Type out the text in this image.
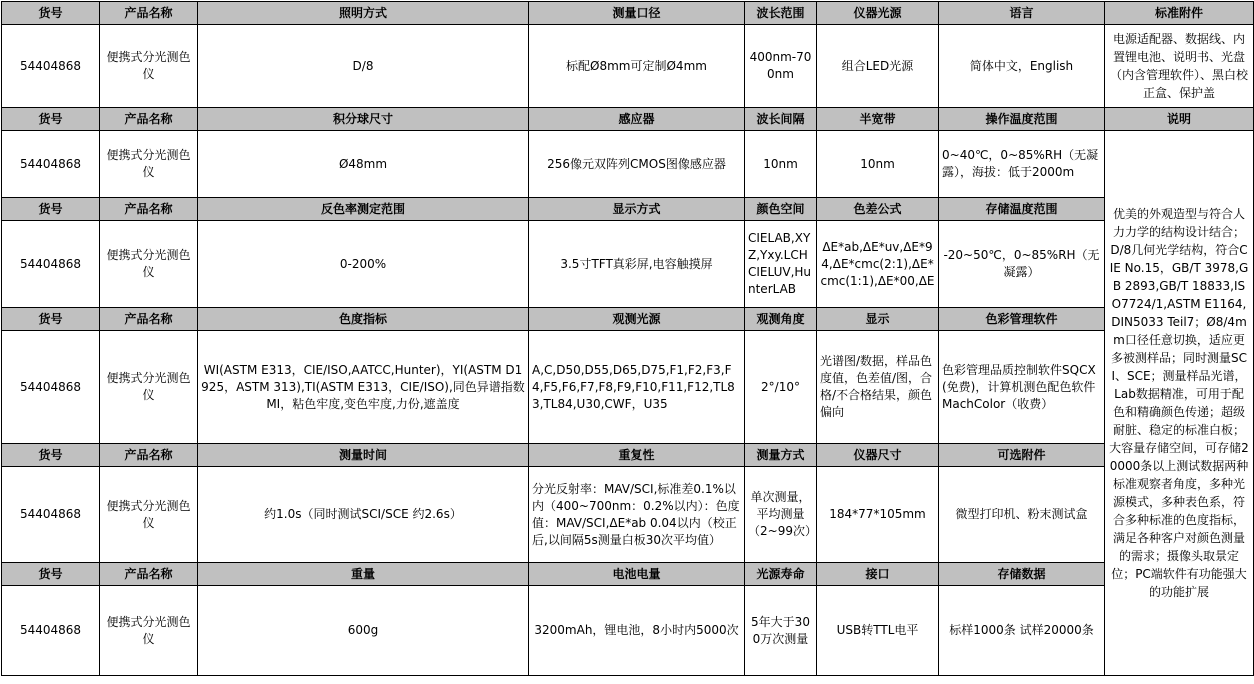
货号	产品名称	照明方式	测量口径	波长范围	仪器光源	语言	标准附件
54404868	便携式分光测色仪	D/8	标配Ø8mm可定制Ø4mm	400nm-700nm	组合LED光源	简体中文，English	电源适配器、数据线、内置锂电池、说明书、光盘（内含管理软件）、黑白校正盒、保护盖
货号	产品名称	积分球尺寸	感应器	波长间隔	半宽带	操作温度范围	说明
54404868	便携式分光测色仪	Ø48mm	256像元双阵列CMOS图像感应器	10nm	10nm	0~40℃，0~85%RH（无凝露），海拔：低于2000m	优美的外观造型与符合人力力学的结构设计结合；D/8几何光学结构，符合CIE No.15，GB/T 3978,GB 2893,GB/T 18833,ISO7724/1,ASTM E1164,DIN5033 Teil7；Ø8/4mm口径任意切换，适应更多被测样品；同时测量SCI、SCE；测量样品光谱，Lab数据精准，可用于配色和精确颜色传递；超级耐脏、稳定的标准白板；大容量存储空间，可存储20000条以上测试数据两种标准观察者角度，多种光源模式，多种表色系，符合多种标准的色度指标，满足各种客户对颜色测量的需求；摄像头取景定位；PC端软件有功能强大的功能扩展
货号	产品名称	反色率测定范围	显示方式	颜色空间	色差公式	存储温度范围	
54404868	便携式分光测色仪	0-200%	3.5寸TFT真彩屏,电容触摸屏	CIELAB,XYZ,Yxy.LCH CIELUV,HunterLAB	ΔE*ab,ΔE*uv,ΔE*94,ΔE*cmc(2:1),ΔE*cmc(1:1),ΔE*00,ΔE	-20~50℃，0~85%RH（无凝露）	
货号	产品名称	色度指标	观测光源	观测角度	显示	色彩管理软件	
54404868	便携式分光测色仪	WI(ASTM E313，CIE/ISO,AATCC,Hunter)，YI(ASTM D1925，ASTM 313),TI(ASTM E313，CIE/ISO),同色异谱指数MI，粘色牢度,变色牢度,力份,遮盖度	A,C,D50,D55,D65,D75,F1,F2,F3,F4,F5,F6,F7,F8,F9,F10,F11,F12,TL83,TL84,U30,CWF，U35	2°/10°	光谱图/数据，样品色度值，色差值/图，合格/不合格结果，颜色偏向	色彩管理品质控制软件SQCX(免费)，计算机测色配色软件MachColor（收费）	
货号	产品名称	测量时间	重复性	测量方式	仪器尺寸	可选附件	
54404868	便携式分光测色仪	约1.0s（同时测试SCI/SCE 约2.6s）	分光反射率：MAV/SCI,标准差0.1%以内（400~700nm：0.2%以内）：色度值：MAV/SCI,ΔE*ab 0.04以内（校正后,以间隔5s测量白板30次平均值）	单次测量，平均测量（2~99次）	184*77*105mm	微型打印机、粉末测试盒	
货号	产品名称	重量	电池电量	光源寿命	接口	存储数据	
54404868	便携式分光测色仪	600g	3200mAh，锂电池，8小时内5000次	5年大于300万次测量	USB转TTL电平	标样1000条 试样20000条	
